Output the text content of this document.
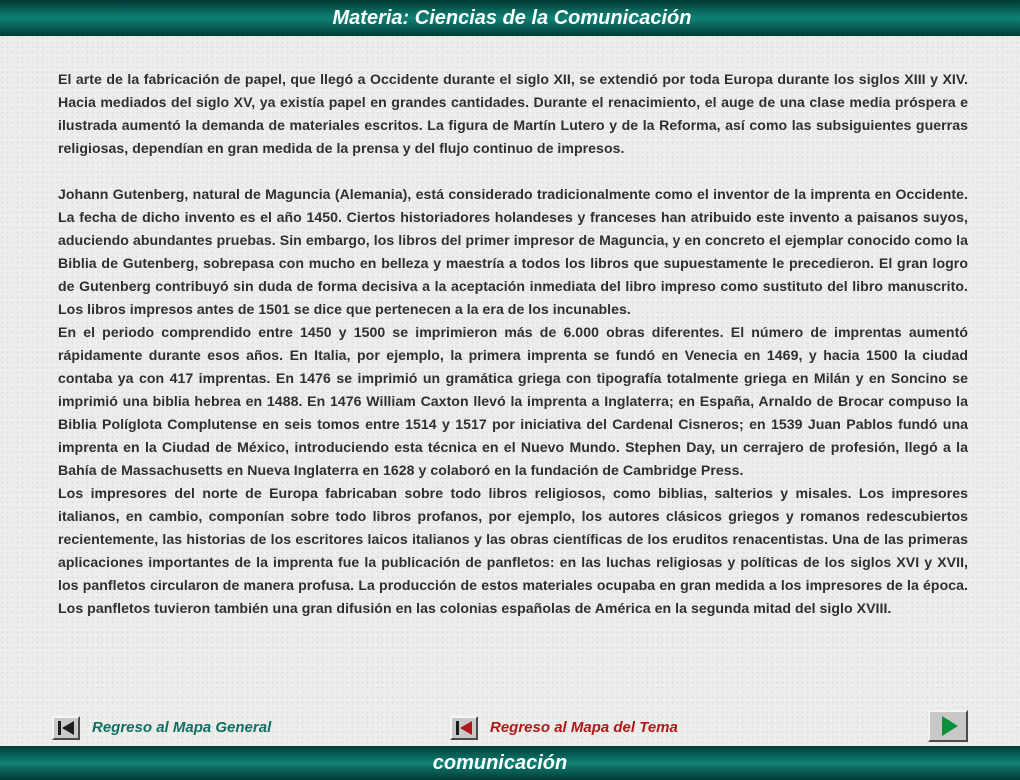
Materia: Ciencias de la Comunicación

El arte de la fabricación de papel, que llegó a Occidente durante el siglo XII, se extendió por toda Europa durante los siglos XIII y XIV. Hacia mediados del siglo XV, ya existía papel en grandes cantidades. Durante el renacimiento, el auge de una clase media próspera e ilustrada aumentó la demanda de materiales escritos. La figura de Martín Lutero y de la Reforma, así como las subsiguientes guerras religiosas, dependían en gran medida de la prensa y del flujo continuo de impresos.

Johann Gutenberg, natural de Maguncia (Alemania), está considerado tradicionalmente como el inventor de la imprenta en Occidente. La fecha de dicho invento es el año 1450. Ciertos historiadores holandeses y franceses han atribuido este invento a paisanos suyos, aduciendo abundantes pruebas. Sin embargo, los libros del primer impresor de Maguncia, y en concreto el ejemplar conocido como la Biblia de Gutenberg, sobrepasa con mucho en belleza y maestría a todos los libros que supuestamente le precedieron. El gran logro de Gutenberg contribuyó sin duda de forma decisiva a la aceptación inmediata del libro impreso como sustituto del libro manuscrito. Los libros impresos antes de 1501 se dice que pertenecen a la era de los incunables.

En el periodo comprendido entre 1450 y 1500 se imprimieron más de 6.000 obras diferentes. El número de imprentas aumentó rápidamente durante esos años. En Italia, por ejemplo, la primera imprenta se fundó en Venecia en 1469, y hacia 1500 la ciudad contaba ya con 417 imprentas. En 1476 se imprimió un gramática griega con tipografía totalmente griega en Milán y en Soncino se imprimió una biblia hebrea en 1488. En 1476 William Caxton llevó la imprenta a Inglaterra; en España, Arnaldo de Brocar compuso la Biblia Políglota Complutense en seis tomos entre 1514 y 1517 por iniciativa del Cardenal Cisneros; en 1539 Juan Pablos fundó una imprenta en la Ciudad de México, introduciendo esta técnica en el Nuevo Mundo. Stephen Day, un cerrajero de profesión, llegó a la Bahía de Massachusetts en Nueva Inglaterra en 1628 y colaboró en la fundación de Cambridge Press.

Los impresores del norte de Europa fabricaban sobre todo libros religiosos, como biblias, salterios y misales. Los impresores italianos, en cambio, componían sobre todo libros profanos, por ejemplo, los autores clásicos griegos y romanos redescubiertos recientemente, las historias de los escritores laicos italianos y las obras científicas de los eruditos renacentistas. Una de las primeras aplicaciones importantes de la imprenta fue la publicación de panfletos: en las luchas religiosas y políticas de los siglos XVI y XVII, los panfletos circularon de manera profusa. La producción de estos materiales ocupaba en gran medida a los impresores de la época. Los panfletos tuvieron también una gran difusión en las colonias españolas de América en la segunda mitad del siglo XVIII.

Regreso al Mapa General	Regreso al Mapa del Tema
comunicación
